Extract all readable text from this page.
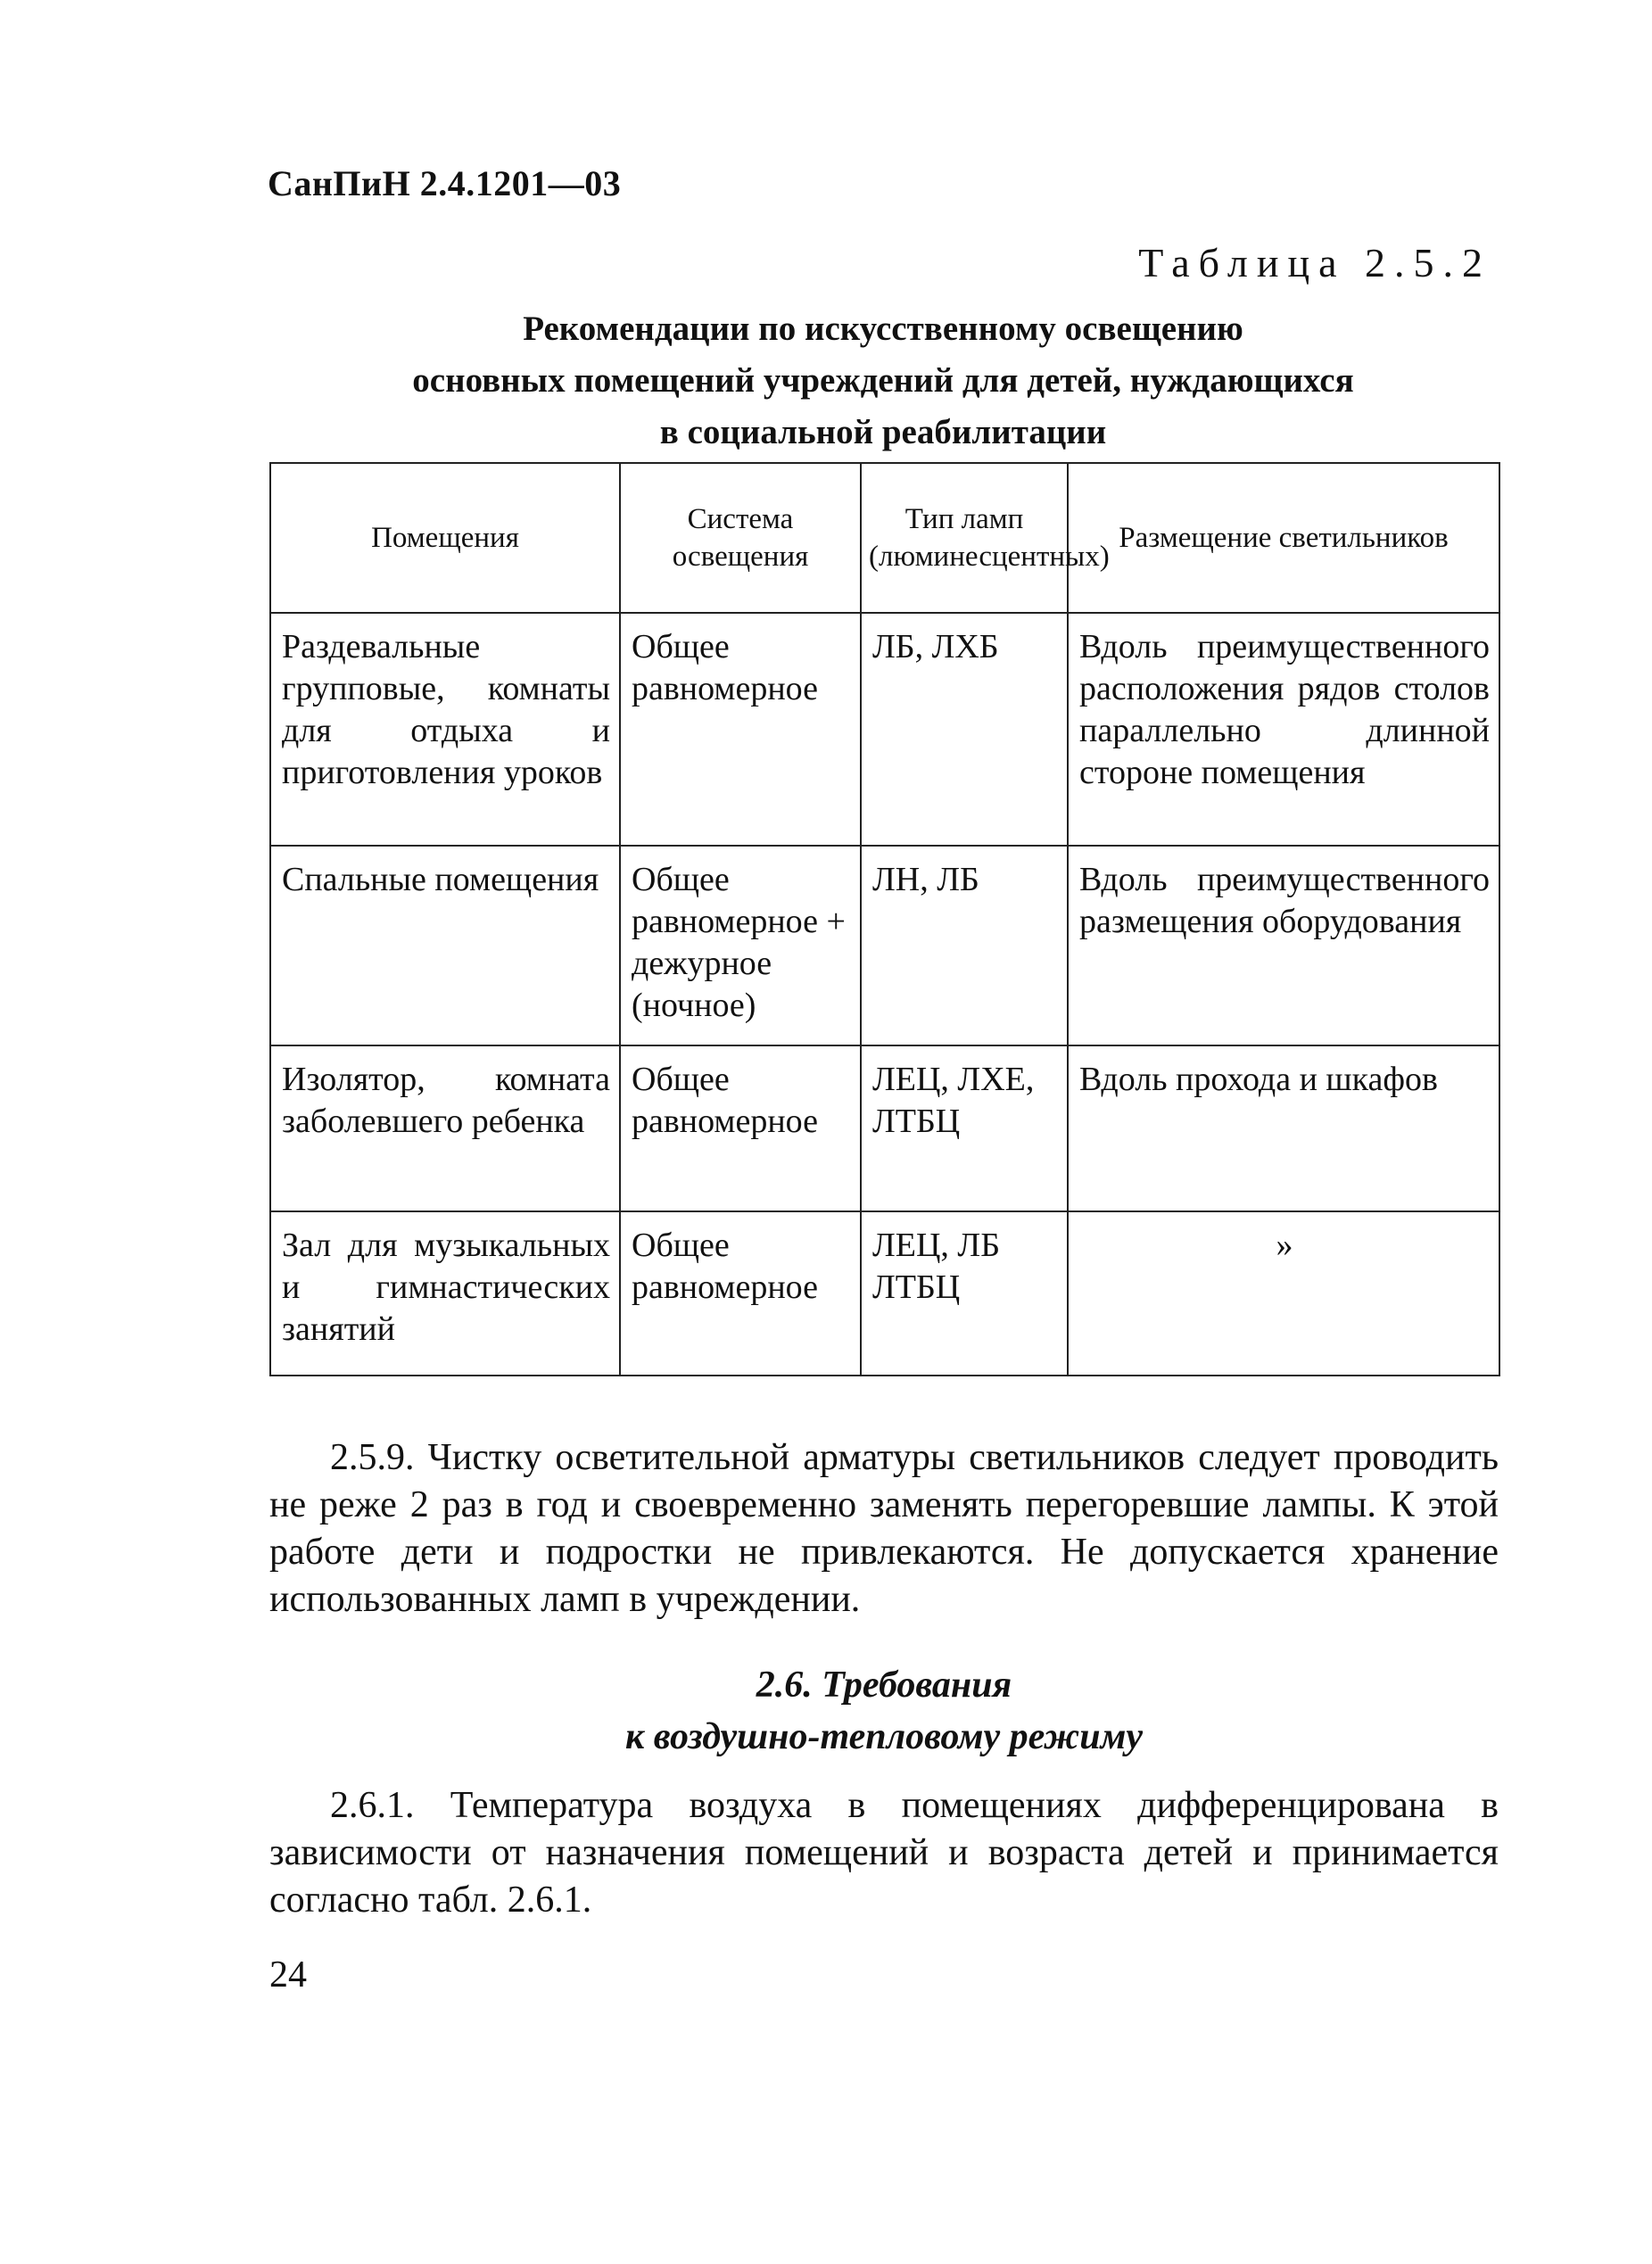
СанПиН 2.4.1201—03
Таблица 2.5.2
Рекомендации по искусственному освещению
основных помещений учреждений для детей, нуждающихся
в социальной реабилитации
Помещения	Система освещения	Тип ламп (люминесцентных)	Размещение светильников
Раздевальные групповые, комнаты для отдыха и приготовления уроков	Общее равномерное	ЛБ, ЛХБ	Вдоль преимущественного расположения рядов столов параллельно длинной стороне помещения
Спальные помещения	Общее равномерное + дежурное (ночное)	ЛН, ЛБ	Вдоль преимущественного размещения оборудования
Изолятор, комната заболевшего ребенка	Общее равномерное	ЛЕЦ, ЛХЕ, ЛТБЦ	Вдоль прохода и шкафов
Зал для музыкальных и гимнастических занятий	Общее равномерное	ЛЕЦ, ЛБ ЛТБЦ	»
2.5.9. Чистку осветительной арматуры светильников следует проводить не реже 2 раз в год и своевременно заменять перегоревшие лампы. К этой работе дети и подростки не привлекаются. Не допускается хранение использованных ламп в учреждении.
2.6. Требования
к воздушно-тепловому режиму
2.6.1. Температура воздуха в помещениях дифференцирована в зависимости от назначения помещений и возраста детей и принимается согласно табл. 2.6.1.
24
